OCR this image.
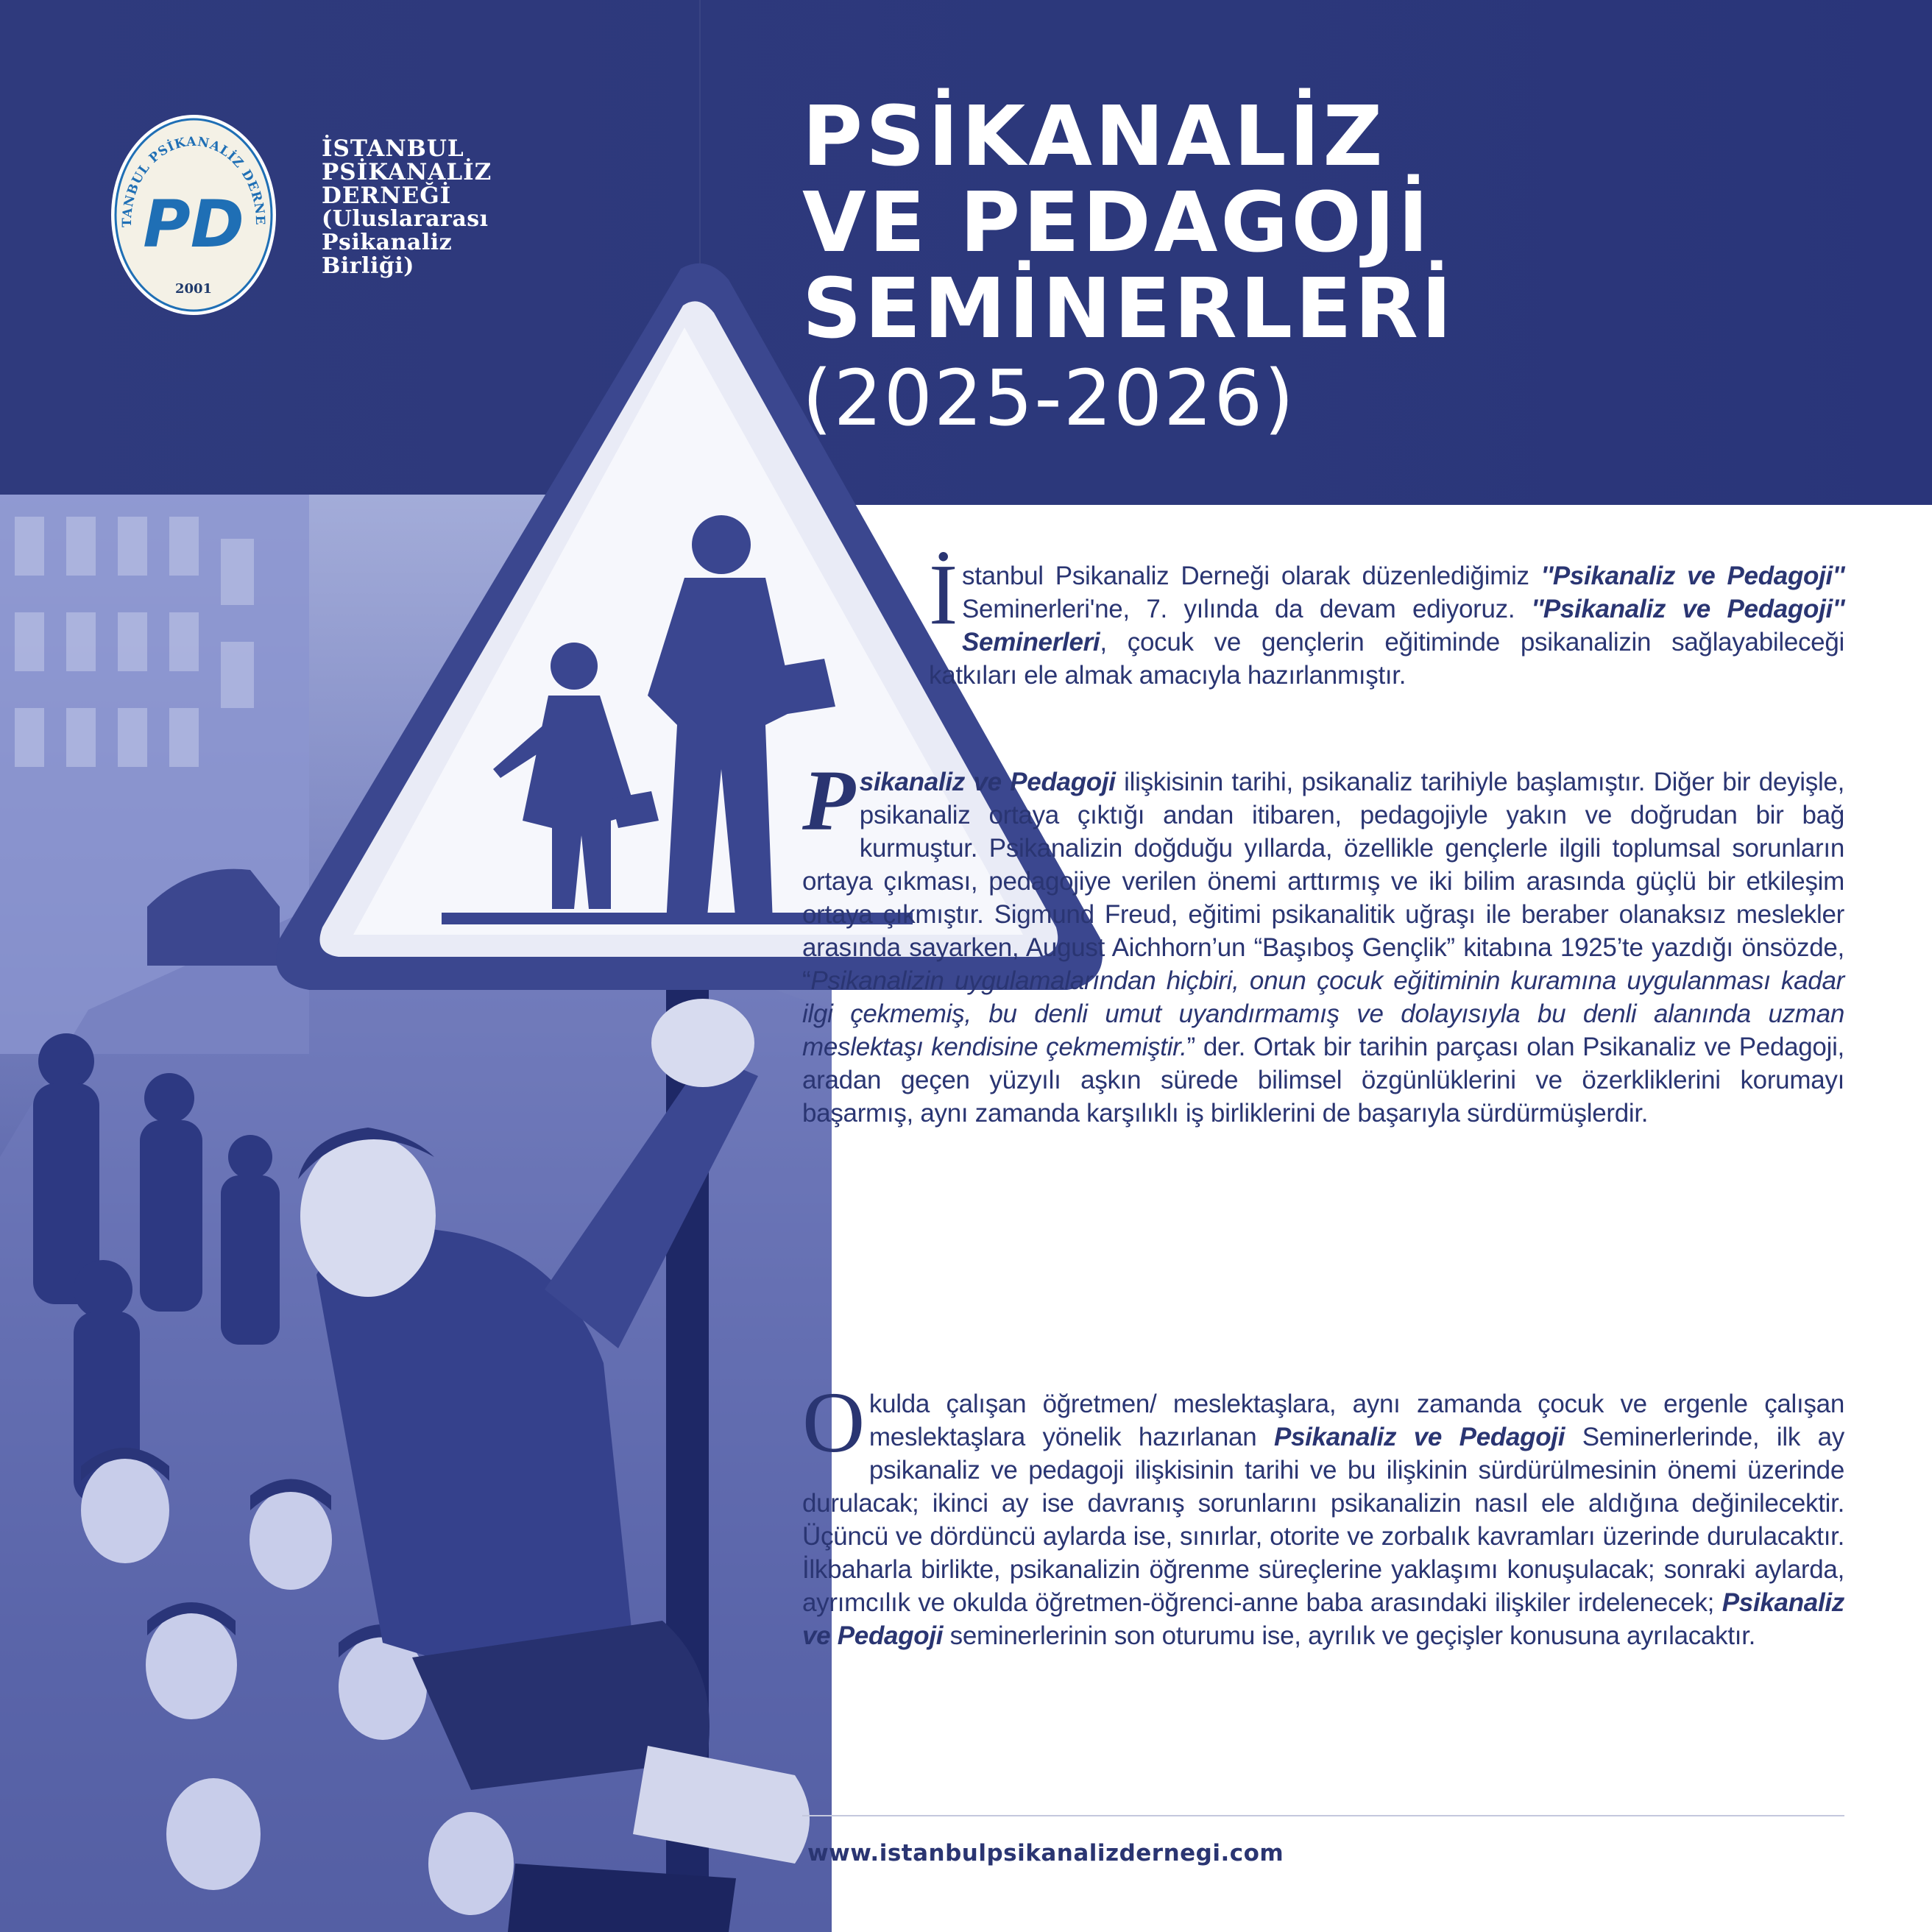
TANBUL PSİKANALİZ DERNE
PD
2001
İSTANBUL
PSİKANALİZ
DERNEĞİ
(Uluslararası
Psikanaliz
Birliği)
PSİKANALİZ
VE PEDAGOJİ
SEMİNERLERİ
(2025-2026)
İstanbul Psikanaliz Derneği olarak düzenlediğimiz ''Psikanaliz ve Pedagoji'' Seminerleri'ne, 7. yılında da devam ediyoruz. ''Psikanaliz ve Pedagoji'' Seminerleri, çocuk ve gençlerin eğitiminde psikanalizin sağlayabileceği katkıları ele almak amacıyla hazırlanmıştır.
Psikanaliz ve Pedagoji ilişkisinin tarihi, psikanaliz tarihiyle başlamıştır. Diğer bir deyişle, psikanaliz ortaya çıktığı andan itibaren, pedagojiyle yakın ve doğrudan bir bağ kurmuştur. Psikanalizin doğduğu yıllarda, özellikle gençlerle ilgili toplumsal sorunların ortaya çıkması, pedagojiye verilen önemi arttırmış ve iki bilim arasında güçlü bir etkileşim ortaya çıkmıştır. Sigmund Freud, eğitimi psikanalitik uğraşı ile beraber olanaksız meslekler arasında sayarken, August Aichhorn’un “Başıboş Gençlik” kitabına 1925’te yazdığı önsözde, “Psikanalizin uygulamalarından hiçbiri, onun çocuk eğitiminin kuramına uygulanması kadar ilgi çekmemiş, bu denli umut uyandırmamış ve dolayısıyla bu denli alanında uzman meslektaşı kendisine çekmemiştir.” der. Ortak bir tarihin parçası olan Psikanaliz ve Pedagoji, aradan geçen yüzyılı aşkın sürede bilimsel özgünlüklerini ve özerkliklerini korumayı başarmış, aynı zamanda karşılıklı iş birliklerini de başarıyla sürdürmüşlerdir.
Okulda çalışan öğretmen/ meslektaşlara, aynı zamanda çocuk ve ergenle çalışan meslektaşlara yönelik hazırlanan Psikanaliz ve Pedagoji Seminerlerinde, ilk ay psikanaliz ve pedagoji ilişkisinin tarihi ve bu ilişkinin sürdürülmesinin önemi üzerinde durulacak; ikinci ay ise davranış sorunlarını psikanalizin nasıl ele aldığına değinilecektir. Üçüncü ve dördüncü aylarda ise, sınırlar, otorite ve zorbalık kavramları üzerinde durulacaktır. İlkbaharla birlikte, psikanalizin öğrenme süreçlerine yaklaşımı konuşulacak; sonraki aylarda, ayrımcılık ve okulda öğretmen-öğrenci-anne baba arasındaki ilişkiler irdelenecek; Psikanaliz ve Pedagoji seminerlerinin son oturumu ise, ayrılık ve geçişler konusuna ayrılacaktır.
www.istanbulpsikanalizdernegi.com
